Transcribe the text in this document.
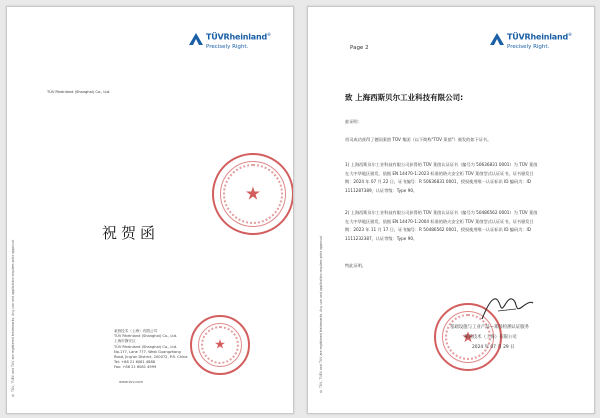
TÜVRheinland®
Precisely Right.
TÜV Rheinland (Shanghai) Co., Ltd.
祝贺函
★
★
莱茵技术（上海）有限公司
TÜV Rheinland (Shanghai) Co., Ltd.
上海市静安区
TÜV Rheinland (Shanghai) Co., Ltd.
No.177, Lane 777, West Guangzhong
Road, Jing'an District, 200072, P.R. China
Tel: +86 21 6081 4888
Fax: +86 21 6081 4999
www.tuv.com
® TÜV, TUEV and TUV are registered trademarks. Any use and application requires prior approval.
Page 2
TÜVRheinland®
Precisely Right.
致 上海西斯贝尔工业科技有限公司:
兹证明：
贵司成功获得了德国莱茵 TÜV 集团（以下简称"TÜV 莱茵"）颁发的如下证书。
1) 上海西斯贝尔工业科技有限公司获得的 TÜV 莱茵认证证书（编号为 50636831 0001）为 TÜV 莱茵在大中华地区颁发，依据 EN 14470-1:2023 标准的防火安全柜 TÜV 莱茵型式认证证书，证书颁发日期：2024 年 07 月 22 日，证书编号：R 50636831 0001，授权使用唯一认证标识 ID 编码为：ID 1111287389，认证等级：Type 90。
2) 上海西斯贝尔工业科技有限公司获得的 TÜV 莱茵认证证书（编号为 50486562 0001）为 TÜV 莱茵在大中华地区颁发，依据 EN 14470-1:2004 标准的防火安全柜 TÜV 莱茵型式认证证书，证书颁发日期：2023 年 11 月 17 日，证书编号：R 50486562 0001，授权使用唯一认证标识 ID 编码为：ID 1111232387，认证等级：Type 90。
特此证明。
★
基础设施与工业产品—莱茵检测认证服务
莱茵技术（上海）有限公司
2024 年 07 月 29 日
® TÜV, TUEV and TUV are registered trademarks. Any use and application requires prior approval.
